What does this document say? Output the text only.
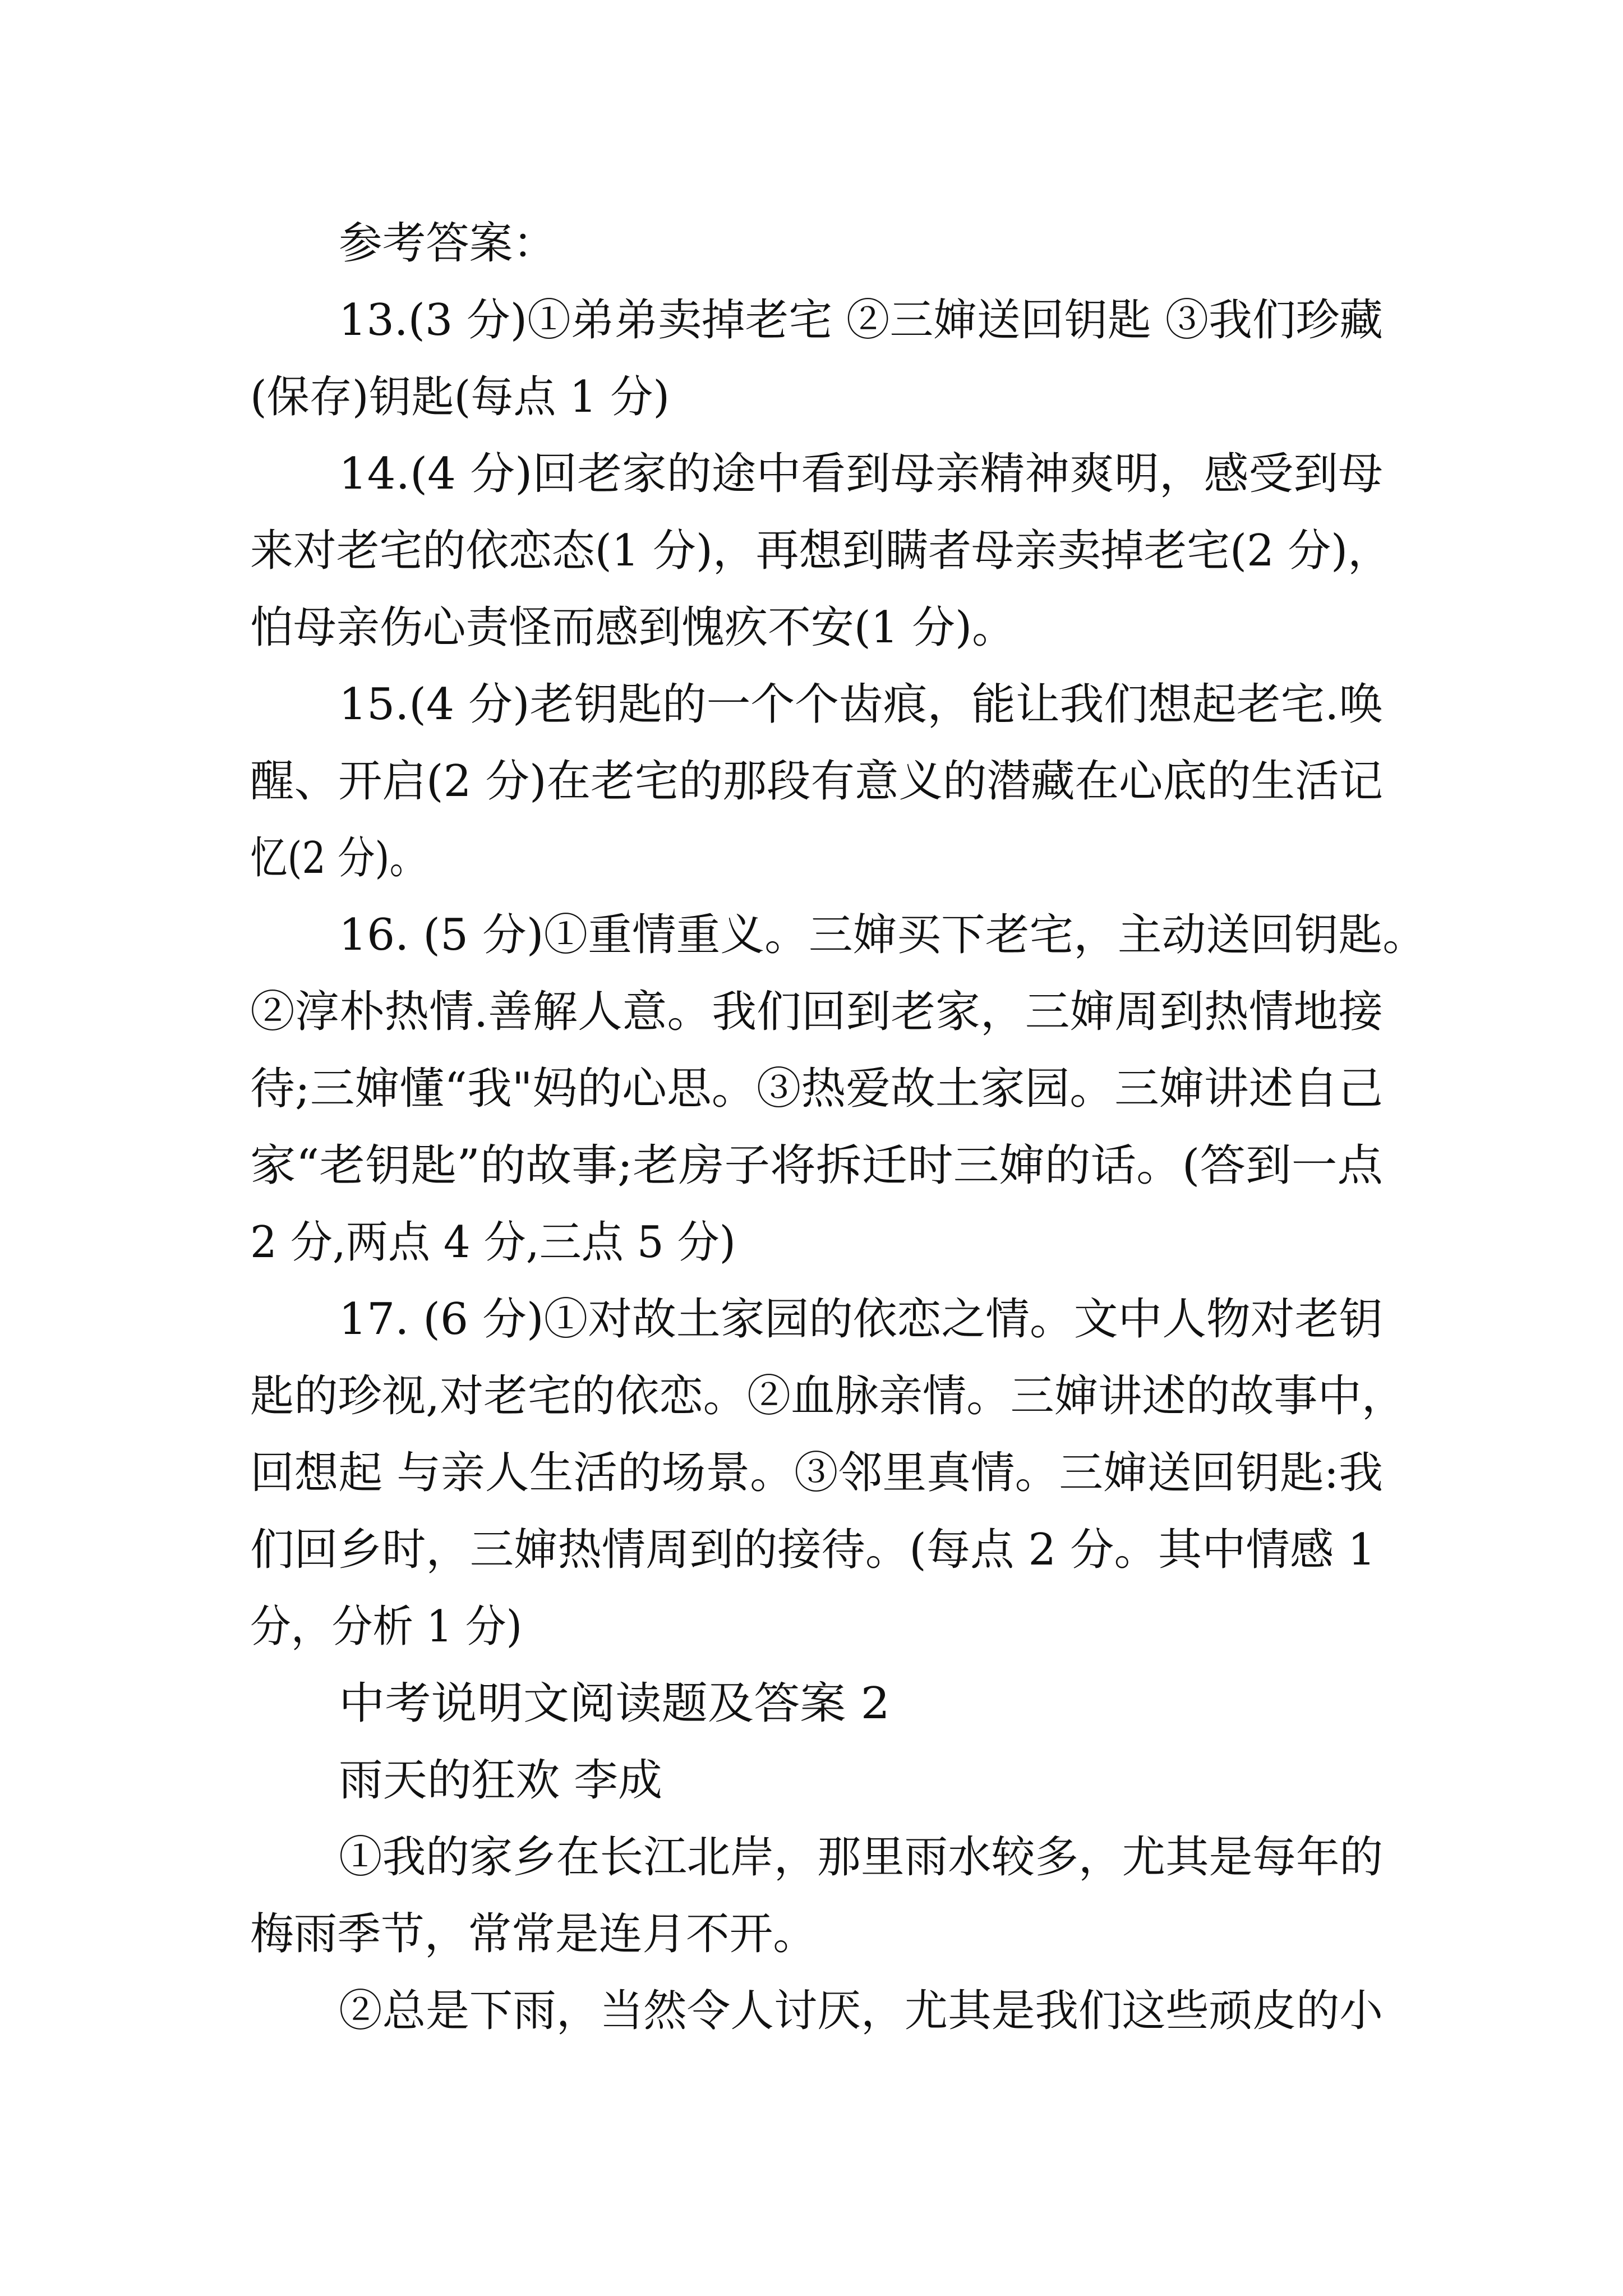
参考答案：
13.(3 分)①弟弟卖掉老宅 ②三婶送回钥匙 ③我们珍藏
(保存)钥匙(每点 1 分)
14.(4 分)回老家的途中看到母亲精神爽明，感受到母
来对老宅的依恋态(1 分)，再想到瞒者母亲卖掉老宅(2 分)，
怕母亲伤心责怪而感到愧疚不安(1 分)。
15.(4 分)老钥匙的一个个齿痕，能让我们想起老宅.唤
醒、开启(2 分)在老宅的那段有意义的潜藏在心底的生活记
忆(2 分)。
16. (5 分)①重情重义。三婶买下老宅，主动送回钥匙。
②淳朴热情.善解人意。我们回到老家，三婶周到热情地接
待;三婶懂“我"妈的心思。③热爱故土家园。三婶讲述自己
家“老钥匙”的故事;老房子将拆迁时三婶的话。(答到一点
2 分,两点 4 分,三点 5 分)
17. (6 分)①对故土家园的依恋之情。文中人物对老钥
匙的珍视,对老宅的依恋。②血脉亲情。三婶讲述的故事中，
回想起 与亲人生活的场景。③邻里真情。三婶送回钥匙:我
们回乡时，三婶热情周到的接待。(每点 2 分。其中情感 1
分，分析 1 分)
中考说明文阅读题及答案 2
雨天的狂欢 李成
①我的家乡在长江北岸，那里雨水较多，尤其是每年的
梅雨季节，常常是连月不开。
②总是下雨，当然令人讨厌，尤其是我们这些顽皮的小
